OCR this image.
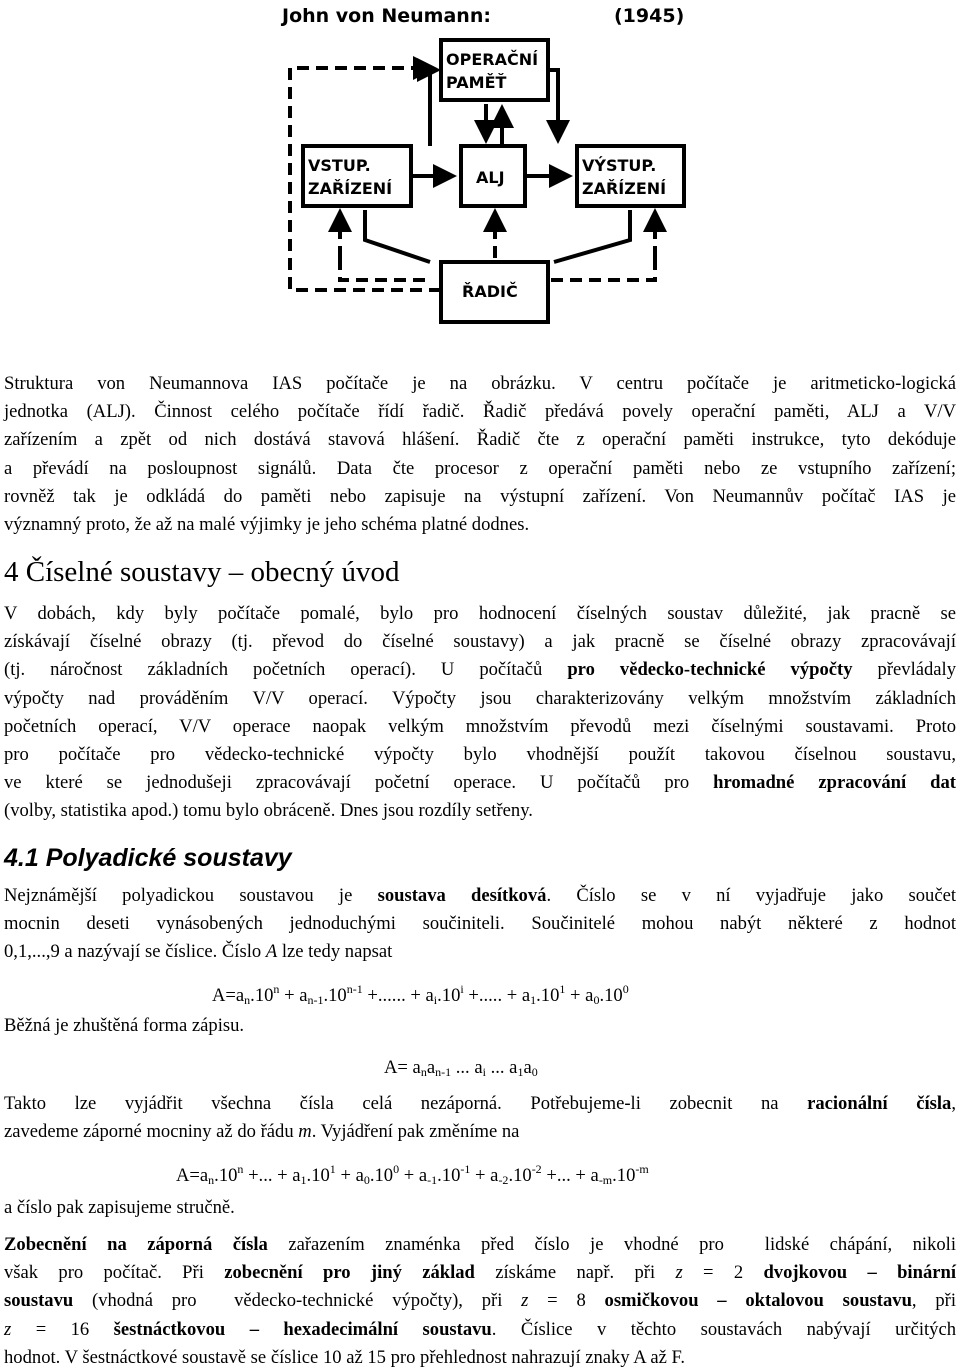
John von Neumann:	(1945)
OPERAČNÍ
PAMĚŤ
VSTUP.
ZAŘÍZENÍ
ALJ
VÝSTUP.
ZAŘÍZENÍ
ŘADIČ
Struktura von Neumannova IAS počítače je na obrázku. V centru počítače je aritmeticko-logická
jednotka (ALJ). Činnost celého počítače řídí řadič. Řadič předává povely operační paměti, ALJ a V/V
zařízením a zpět od nich dostává stavová hlášení. Řadič čte z operační paměti instrukce, tyto dekóduje
a převádí na posloupnost signálů. Data čte procesor z operační paměti nebo ze vstupního zařízení;
rovněž tak je odkládá do paměti nebo zapisuje na výstupní zařízení. Von Neumannův počítač IAS je
významný proto, že až na malé výjimky je jeho schéma platné dodnes.
4 Číselné soustavy – obecný úvod
V dobách, kdy byly počítače pomalé, bylo pro hodnocení číselných soustav důležité, jak pracně se
získávají číselné obrazy (tj. převod do číselné soustavy) a jak pracně se číselné obrazy zpracovávají
(tj. náročnost základních početních operací). U počítačů pro vědecko-technické výpočty převládaly
výpočty nad prováděním V/V operací. Výpočty jsou charakterizovány velkým množstvím základních
početních operací, V/V operace naopak velkým množstvím převodů mezi číselnými soustavami. Proto
pro počítače pro vědecko-technické výpočty bylo vhodnější použít takovou číselnou soustavu,
ve které se jednodušeji zpracovávají početní operace. U počítačů pro hromadné zpracování dat
(volby, statistika apod.) tomu bylo obráceně. Dnes jsou rozdíly setřeny.
4.1 Polyadické soustavy
Nejznámější polyadickou soustavou je soustava desítková. Číslo se v ní vyjadřuje jako součet
mocnin deseti vynásobených jednoduchými součiniteli. Součinitelé mohou nabýt některé z hodnot
0,1,...,9 a nazývají se číslice. Číslo A lze tedy napsat
$A=a_n.10^n + a_{n-1}.10^{n-1}$ +...... + $a_i.10^i$ +..... + $a_1.10^1 + a_0.10^0$
Běžná je zhuštěná forma zápisu.
$A= a_na_{n-1}$ ... $a_i$ ... $a_1a_0$
Takto lze vyjádřit všechna čísla celá nezáporná. Potřebujeme-li zobecnit na racionální čísla,
zavedeme záporné mocniny až do řádu m. Vyjádření pak změníme na
$A=a_n.10^n$ +... + $a_1.10^1 + a_0.10^0 + a_{-1}.10^{-1} + a_{-2}.10^{-2}$ +... + $a_{-m}.10^{-m}$
a číslo pak zapisujeme stručně.
Zobecnění na záporná čísla zařazením znaménka před číslo je vhodné pro  lidské chápání, nikoli
však pro počítač. Při zobecnění pro jiný základ získáme např. při z = 2 dvojkovou – binární
soustavu (vhodná pro  vědecko-technické výpočty), při z = 8 osmičkovou – oktalovou soustavu, při
z = 16 šestnáctkovou – hexadecimální soustavu. Číslice v těchto soustavách nabývají určitých
hodnot. V šestnáctkové soustavě se číslice 10 až 15 pro přehlednost nahrazují znaky A až F.
